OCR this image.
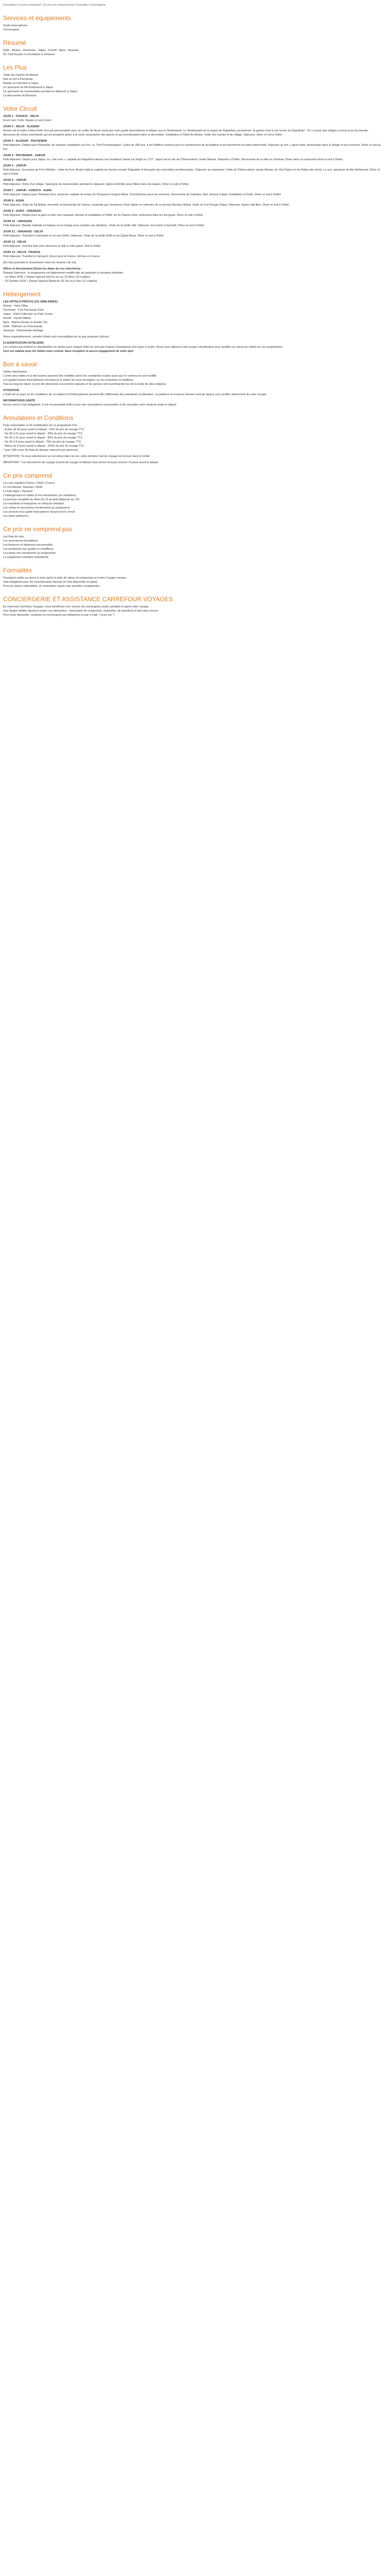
Description Co-pris comprend / Ce prix ne comprend pas Formalités Conciergerie
Services et équipements
Guide francophone
Conciergerie
Résumé
Delhi - Alsisar - Pachewar - Jaipur - Karoth - Agra - Varanasi
Du Trait Royale et envoûtante à Varanasi
Les Plus
Visite des havelis de Alsisar
Nuit au fort à Pachewar
Balade en rickshaw à Jaipur
Un spectacle de film Bollywood à Jaipur
Un spectacle de marionnettes pendant le déjeuner à Jaipur
La découverte de Benares
Votre Circuit
JOUR 1 : FRANCE - DELHI
Envol vers l'Inde. Repas et nuit à bord.
JOUR 2 : DELHI - ALSISAR
Arrivée tôt le matin à New Delhi. Accueil personnalisé avec un collier de fleurs remis par notre guide francophone et départ vers le Shekhawati. Le Shekhawati est la région du Rajasthan surnommée "la galerie d'art à ciel ouvert du Rajasthan". On y trouve des villages connus pour les havelis, demeures de riches marchands qui ont prospéré grâce à la route caravanière des épices et qui investissaient dans la décoration. Installation à l'hôtel de Alsisar. Visite des havelis et du village. Déjeuner, dîner et nuit à l'hôtel.
JOUR 3 : ALSISAR - PACHEWAR
Petit déjeuner. Départ pour Pachewar. En arrivant, installation au Fort. Le "Fort Pachewargarh" a plus de 300 ans. Il est l'édifice construit pour le maintenance de la tradition et est transformé en hôtel patrimonial. Déjeuner au fort. L'après-midi, promenade dans le village et ses environs. Dîner et nuit au fort.
JOUR 4 : PACHEWAR - JAIPUR
Petit déjeuner. Départ pour Jaipur, la « cité rose », capitale du Rajasthan depuis son fondateur Sawai Jai Singh en 1727. Jaipur est le site de l'Observatoire Jantar Mantar. Déjeuner à l'hôtel. Découverte de la ville en rickshaw. Dîner dans un restaurant local et nuit à l'hôtel.
JOUR 5 : JAIPUR
Petit déjeuner. Excursion au Fort d'Amber : visite du Fort. Amber était la capitale de l'ancien empire Rajputisé et fait partie des merveilles architecturales. Déjeuner au restaurant. Visite de l'Observatoire Jantar Mantar, du City Palace et du Palais des Vents. Le soir, spectacle de film Bollywood. Dîner et nuit à l'hôtel.
JOUR 6 : JAIPUR
Petit déjeuner. Visite d'un village. Spectacle de marionnettes pendant le déjeuner. Après-midi libre pour flâner dans les bazars. Dîner et nuit à l'hôtel.
JOUR 7 : JAIPUR - KAROTH - AGRA
Petit déjeuner. Départ pour l'Himalay Devi, ancienne capitale du temps de l'Empereur moghol Akbar. D'architecture pour les environs. Découverte de Fatehpur Sikri. Arrivée à Agra. Installation à l'hôtel. Dîner et nuit à l'hôtel.
JOUR 8 : AGRA
Petit déjeuner. Visite du Taj Mahal, merveille architecturale de l'amour construite par l'empereur Shah Jahan en mémoire de sa femme Mumtaz Mahal. Visite du Fort Rouge d'Agra. Déjeuner. Après-midi libre. Dîner et nuit à l'hôtel.
JOUR 9 : AGRA - VARANASI
Petit déjeuner. Départ pour la gare et train vers Varanasi. Arrivée et installation à l'hôtel. En fin d'après-midi, cérémonie Aarti sur les ghats. Dîner et nuit à l'hôtel.
JOUR 10 : VARANASI
Petit déjeuner. Balade matinale en bateau sur le Gange pour assister aux ablutions. Visite de la vieille ville. Déjeuner. Excursion à Sarnath. Dîner et nuit à l'hôtel.
JOUR 11 : VARANASI - DELHI
Petit déjeuner. Transfert à l'aéroport et vol vers Delhi. Déjeuner. Visite de la vieille Delhi et du Qutub Minar. Dîner et nuit à l'hôtel.
JOUR 12 : DELHI
Petit déjeuner. Journée libre pour découvrir la ville à votre guise. Nuit à l'hôtel.
JOUR 13 : DELHI - FRANCE
Petit déjeuner. Transfert à l'aéroport. Envol pour la France. Arrivée en France.
(En haut possible le mouvement selon les horaires de vol).
Offres et déroulement (Selon les dates de vos sélections) :
Départs Spéciaux : le programme est légèrement modifié afin de participer à certaines festivités.
- 1er Mars 2026 > Départ Spécial Holi du 1er au 13 Mars (10 nuitées)
- 25 Octobre 2026 > Départ Spécial Diwali du 25 Oct au 6 Nov (12 nuitées)
Hébergement
LES HÔTELS PRÉVUS (OU SIMILAIRES) :
Alsisar : Indra Villas
Pachewar : Fort Pachewar Garh
Jaipur : Clark Collection ou Park Ocean
Karoth : Karoth Mahal
Agra : Marina House ou Avalon Tez
Delhi : Balmore ou Kumarasala
Varanasi : Dharmshala Heritage
Notez impérativement, certains hôtels sont susceptibles de ne pas proposer d'alcool.
CLASSIFICATION HOTELIERE
Les normes qui rendent la classification en étoiles pour chaque hôtel ne sont pas toujours homogènes d'un pays à l'autre. Aussi nous utilisons notre propre classification pour qualifier au mieux les hôtels de nos programmes.
Ceci est valable pour les hôtels sous contrat. Sans réception ni aucun engagement de notre part.
Bon à savoir
Visites importantes :
L'ordre des visites et la découverte peuvent être modifiés selon les contraintes locales sans que le contenu ne soit modifié.
Les guides locaux francophones ont toujours le plaisir de vous renseigner sur les coutumes et traditions.
Tout au long du séjour, le port de vêtements couvrant les épaules et les genoux est recommandé lors de la visite de sites religieux.
ATTENTION
L'Inde est un pays où les conditions de circulation et d'hébergement peuvent être différentes des standards occidentaux. La patience et la bonne humeur sont de rigueur pour profiter pleinement de votre voyage.
INFORMATIONS SANTÉ
Aucun vaccin n'est obligatoire. Il est recommandé d'être à jour des vaccinations universelles et de consulter votre médecin avant le départ.
Annulations et Conditions
Frais d'annulation et de modification de ce programme Prix :
- A plus de 90 jours avant le départ : 10% du prix du voyage TTC
- De 90 à 61 jours avant le départ : 25% du prix du voyage TTC
- De 60 à 31 jours avant le départ : 50% du prix du voyage TTC
- De 30 à 8 jours avant le départ : 75% du prix du voyage TTC
- Moins de 8 jours avant le départ : 100% du prix du voyage TTC
* avec 250 euros de frais de dossier minimum par personne
ATTENTION ! Si vous sélectionnez un vol retour dans la nuit, votre dernière nuit de voyage est incluse dans le forfait.
IMPORTANT ! Les documents de voyage (carnet de voyage et billets) vous seront envoyés environ 10 jours avant le départ.
Ce prix comprend
Les vols réguliers France / Delhi / France
Le vol intérieur Varanasi / Delhi
Le train Agra / Varanasi
L'hébergement en hôtels et fort mentionnés (ou similaires)
La pension complète du dîner du J2 au petit déjeuner du J13
Les transferts et transports en véhicule climatisé
Les visites et excursions mentionnées au programme
Les services d'un guide francophone durant tout le circuit
Les taxes aériennes
Ce prix ne comprend pas
Les frais de visa
Les assurances facultatives
Les boissons et dépenses personnelles
Les pourboires aux guides et chauffeurs
Les repas non mentionnés au programme
Le supplément chambre individuelle
Formalités
Passeport valide au moins 6 mois après la date de retour et comportant au moins 2 pages vierges.
Visa obligatoire pour les ressortissants français (e-Visa disponible en ligne).
Pour les autres nationalités, se renseigner auprès des autorités compétentes.
CONCIERGERIE ET ASSISTANCE CARREFOUR VOYAGES
En réservant Carrefour Voyages, vous bénéficiez d'un service de conciergerie avant, pendant et après votre voyage.
Une équipe dédiée répond à toutes vos demandes : réservation de restaurants, d'activités, de transferts et bien plus encore.
Pour toute demande, contactez la conciergerie par téléphone ou par e-mail, 7 jours sur 7.
